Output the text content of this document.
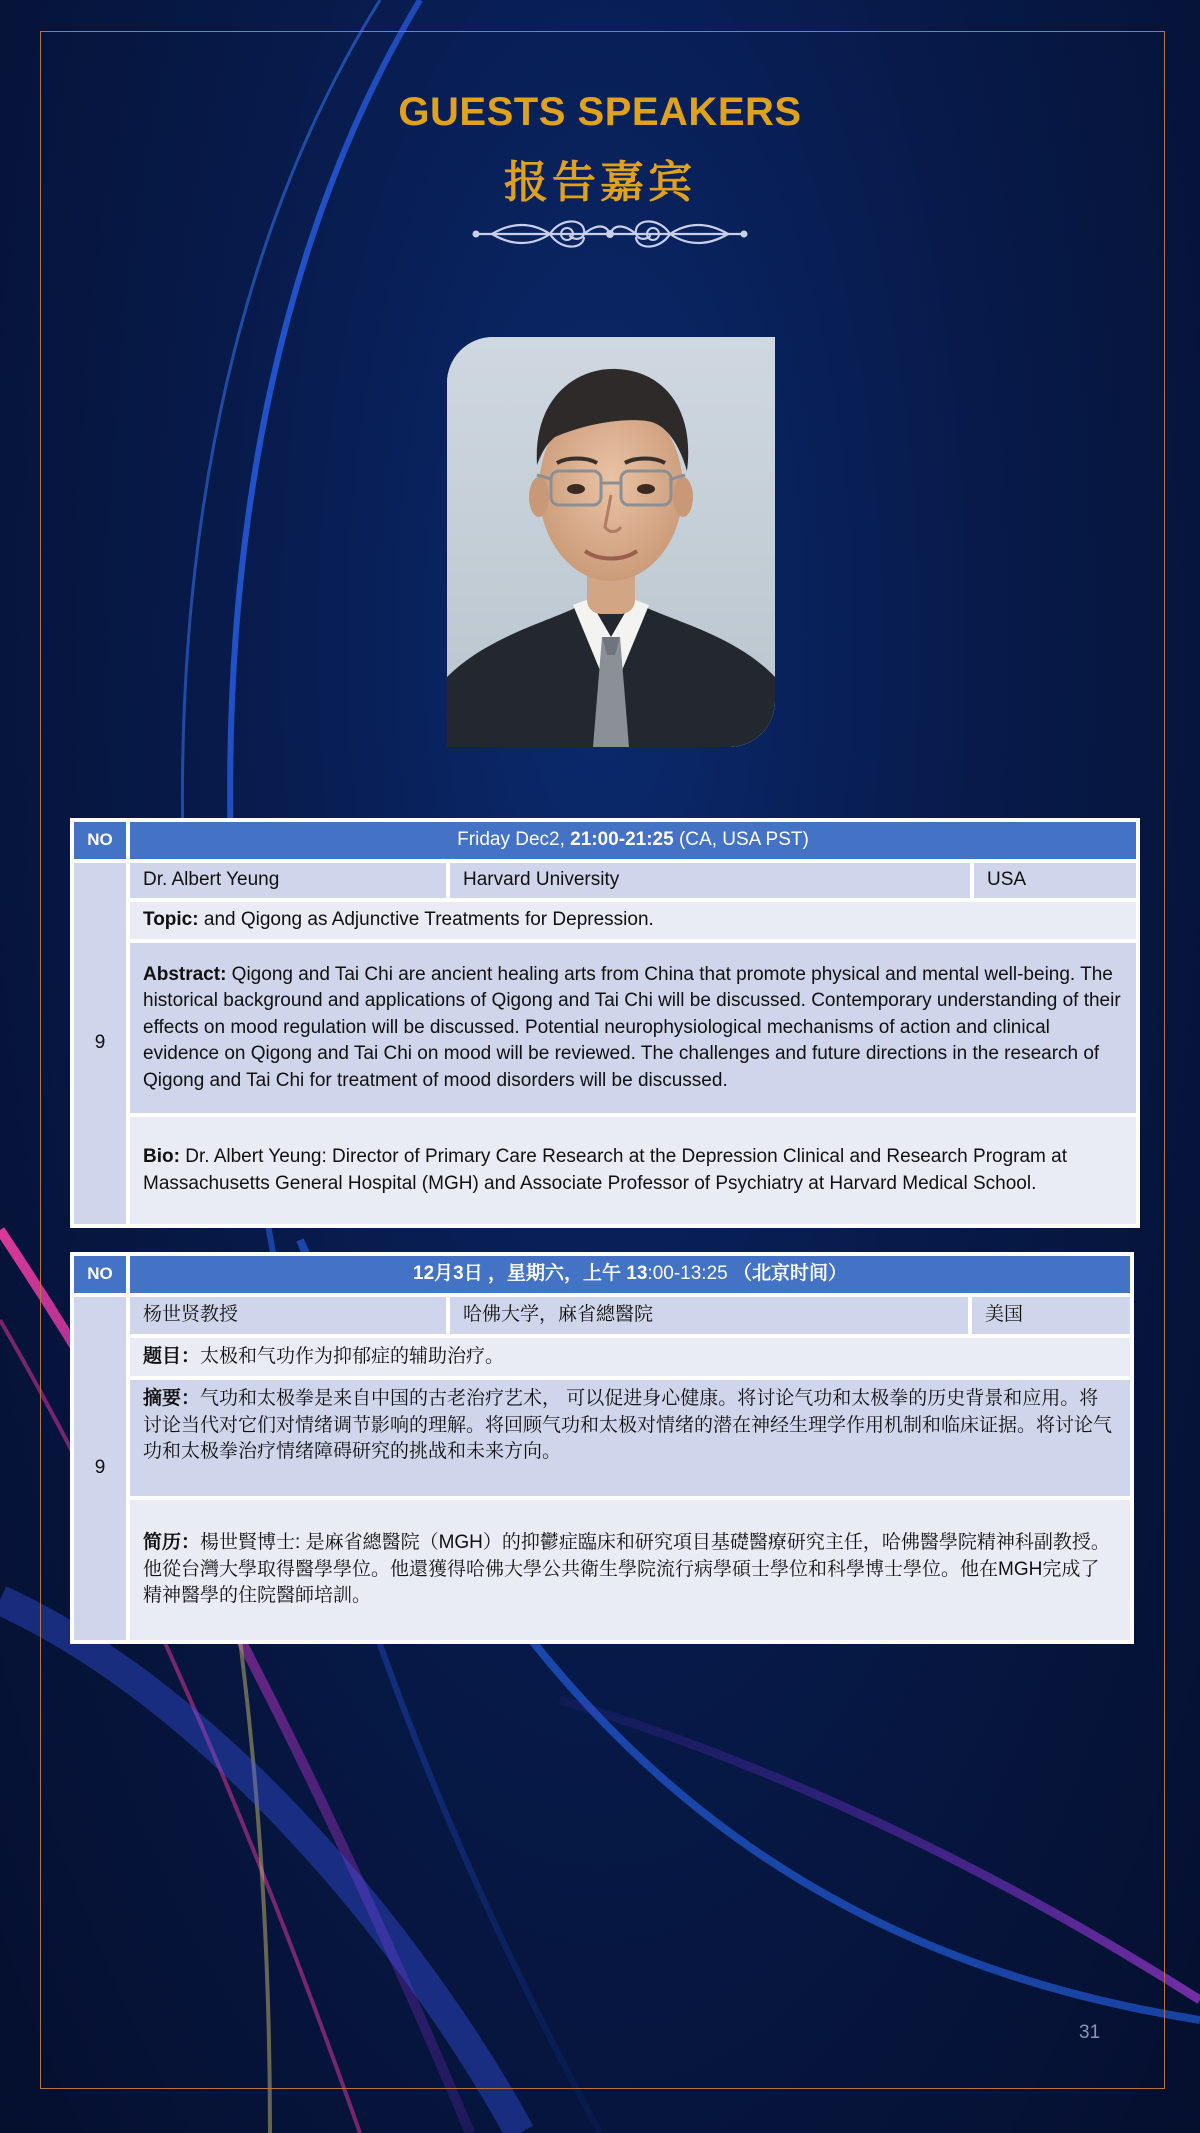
GUESTS SPEAKERS
报告嘉宾
NO	Friday Dec2, 21:00-21:25 (CA, USA PST)		
9	Dr. Albert Yeung	Harvard University	USA
	Topic: and Qigong as Adjunctive Treatments for Depression.		
	Abstract: Qigong and Tai Chi are ancient healing arts from China that promote physical and mental well-being. The historical background and applications of Qigong and Tai Chi will be discussed. Contemporary understanding of their effects on mood regulation will be discussed. Potential neurophysiological mechanisms of action and clinical evidence on Qigong and Tai Chi on mood will be reviewed. The challenges and future directions in the research of Qigong and Tai Chi for treatment of mood disorders will be discussed.		
	Bio: Dr. Albert Yeung: Director of Primary Care Research at the Depression Clinical and Research Program at Massachusetts General Hospital (MGH) and Associate Professor of Psychiatry at Harvard Medical School.		
NO	12月3日 ，星期六，上午 13:00-13:25 （北京时间）		
9	杨世贤教授	哈佛大学，麻省總醫院	美国
	题目：太极和气功作为抑郁症的辅助治疗。		
	摘要：气功和太极拳是来自中国的古老治疗艺术， 可以促进身心健康。将讨论气功和太极拳的历史背景和应用。将讨论当代对它们对情绪调节影响的理解。将回顾气功和太极对情绪的潜在神经生理学作用机制和临床证据。将讨论气功和太极拳治疗情绪障碍研究的挑战和未来方向。		
	简历：楊世賢博士: 是麻省總醫院（MGH）的抑鬱症臨床和研究項目基礎醫療研究主任，哈佛醫學院精神科副教授。他從台灣大學取得醫學學位。他還獲得哈佛大學公共衛生學院流行病學碩士學位和科學博士學位。他在MGH完成了精神醫學的住院醫師培訓。		
31
